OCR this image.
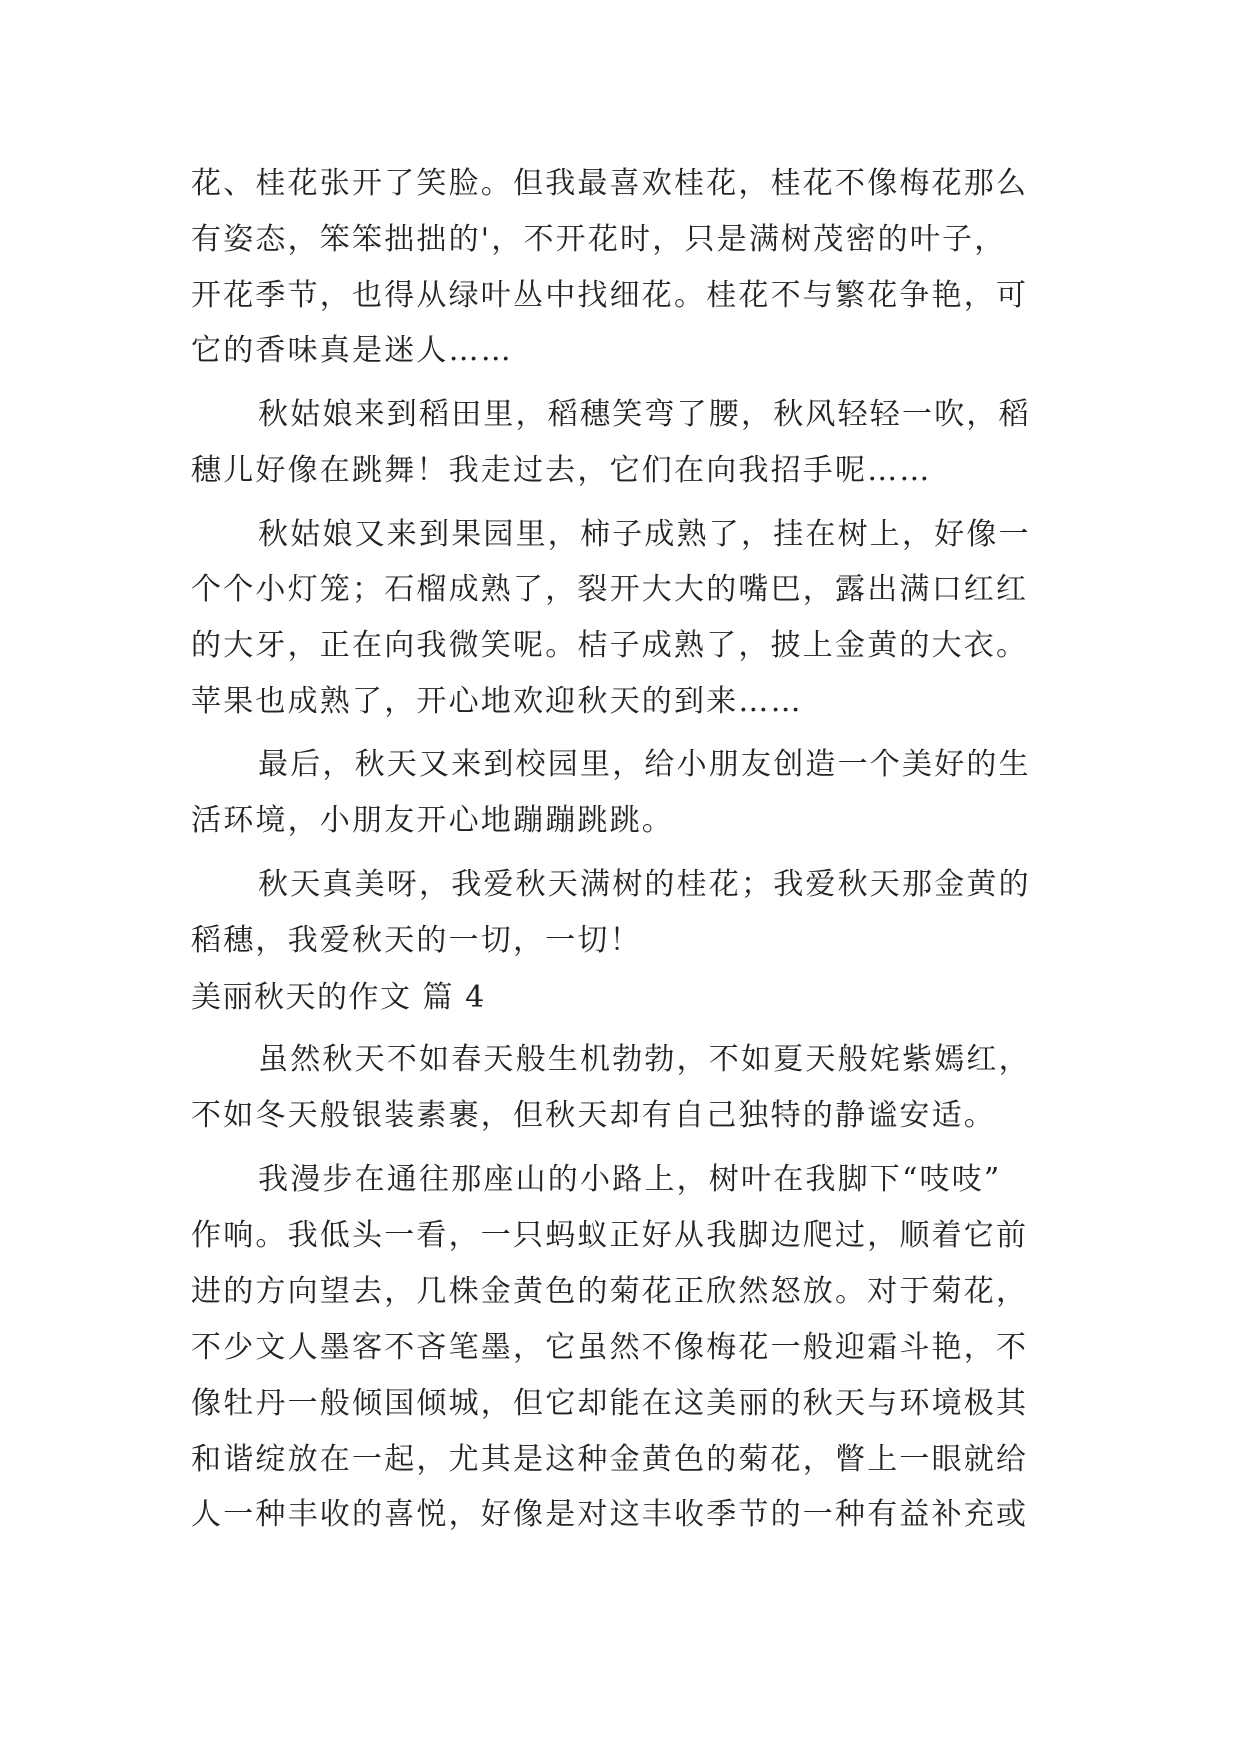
花、桂花张开了笑脸。但我最喜欢桂花，桂花不像梅花那么
有姿态，笨笨拙拙的'，不开花时，只是满树茂密的叶子，
开花季节，也得从绿叶丛中找细花。桂花不与繁花争艳，可
它的香味真是迷人……
秋姑娘来到稻田里，稻穗笑弯了腰，秋风轻轻一吹，稻
穗儿好像在跳舞！我走过去，它们在向我招手呢……
秋姑娘又来到果园里，柿子成熟了，挂在树上，好像一
个个小灯笼；石榴成熟了，裂开大大的嘴巴，露出满口红红
的大牙，正在向我微笑呢。桔子成熟了，披上金黄的大衣。
苹果也成熟了，开心地欢迎秋天的到来……
最后，秋天又来到校园里，给小朋友创造一个美好的生
活环境，小朋友开心地蹦蹦跳跳。
秋天真美呀，我爱秋天满树的桂花；我爱秋天那金黄的
稻穗，我爱秋天的一切，一切！
美丽秋天的作文 篇 4
虽然秋天不如春天般生机勃勃，不如夏天般姹紫嫣红，
不如冬天般银装素裹，但秋天却有自己独特的静谧安适。
我漫步在通往那座山的小路上，树叶在我脚下“吱吱”
作响。我低头一看，一只蚂蚁正好从我脚边爬过，顺着它前
进的方向望去，几株金黄色的菊花正欣然怒放。对于菊花，
不少文人墨客不吝笔墨，它虽然不像梅花一般迎霜斗艳，不
像牡丹一般倾国倾城，但它却能在这美丽的秋天与环境极其
和谐绽放在一起，尤其是这种金黄色的菊花，瞥上一眼就给
人一种丰收的喜悦，好像是对这丰收季节的一种有益补充或
